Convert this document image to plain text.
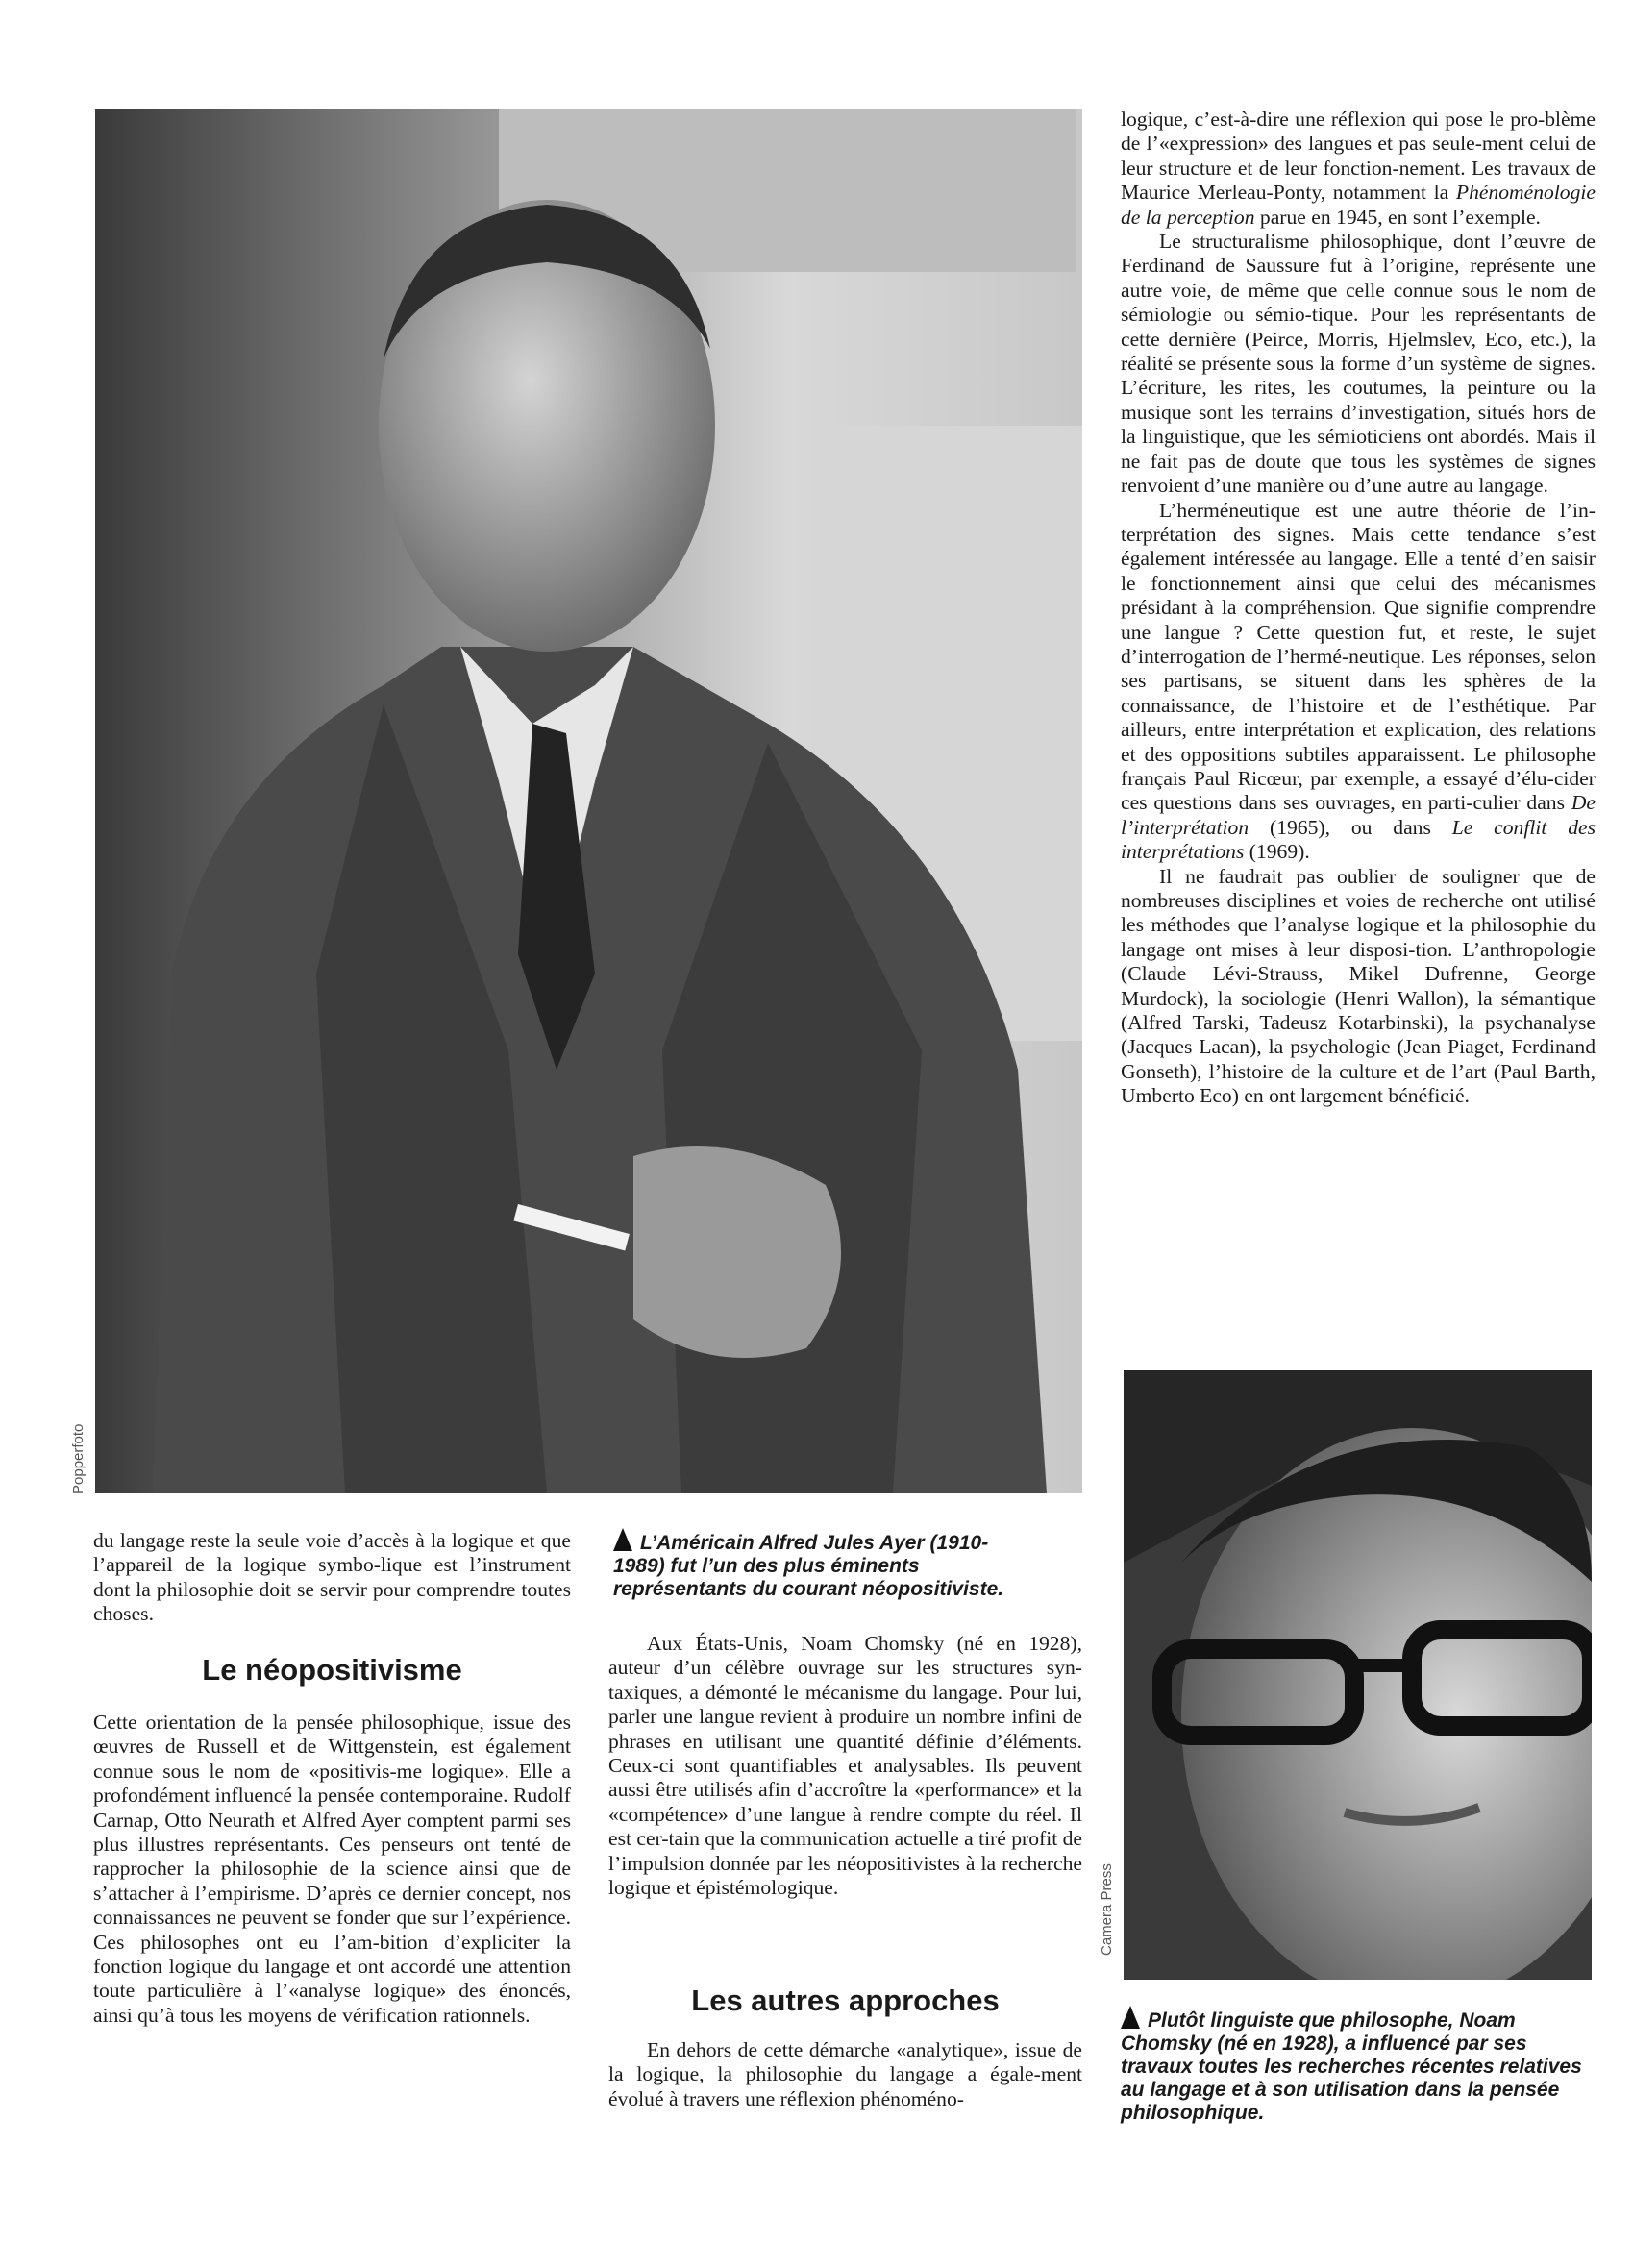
Popperfoto

logique, c’est-à-dire une réflexion qui pose le pro-blème de l’«expression» des langues et pas seule-ment celui de leur structure et de leur fonction-nement. Les travaux de Maurice Merleau-Ponty, notamment la Phénoménologie de la perception parue en 1945, en sont l’exemple.

Le structuralisme philosophique, dont l’œuvre de Ferdinand de Saussure fut à l’origine, représente une autre voie, de même que celle connue sous le nom de sémiologie ou sémio-tique. Pour les représentants de cette dernière (Peirce, Morris, Hjelmslev, Eco, etc.), la réalité se présente sous la forme d’un système de signes. L’écriture, les rites, les coutumes, la peinture ou la musique sont les terrains d’investigation, situés hors de la linguistique, que les sémioticiens ont abordés. Mais il ne fait pas de doute que tous les systèmes de signes renvoient d’une manière ou d’une autre au langage.

L’herméneutique est une autre théorie de l’in-terprétation des signes. Mais cette tendance s’est également intéressée au langage. Elle a tenté d’en saisir le fonctionnement ainsi que celui des mécanismes présidant à la compréhension. Que signifie comprendre une langue ? Cette question fut, et reste, le sujet d’interrogation de l’hermé-neutique. Les réponses, selon ses partisans, se situent dans les sphères de la connaissance, de l’histoire et de l’esthétique. Par ailleurs, entre interprétation et explication, des relations et des oppositions subtiles apparaissent. Le philosophe français Paul Ricœur, par exemple, a essayé d’élu-cider ces questions dans ses ouvrages, en parti-culier dans De l’interprétation (1965), ou dans Le conflit des interprétations (1969).

Il ne faudrait pas oublier de souligner que de nombreuses disciplines et voies de recherche ont utilisé les méthodes que l’analyse logique et la philosophie du langage ont mises à leur disposi-tion. L’anthropologie (Claude Lévi-Strauss, Mikel Dufrenne, George Murdock), la sociologie (Henri Wallon), la sémantique (Alfred Tarski, Tadeusz Kotarbinski), la psychanalyse (Jacques Lacan), la psychologie (Jean Piaget, Ferdinand Gonseth), l’histoire de la culture et de l’art (Paul Barth, Umberto Eco) en ont largement bénéficié.

Camera Press

du langage reste la seule voie d’accès à la logique et que l’appareil de la logique symbo-lique est l’instrument dont la philosophie doit se servir pour comprendre toutes choses.

Le néopositivisme

Cette orientation de la pensée philosophique, issue des œuvres de Russell et de Wittgenstein, est également connue sous le nom de «positivis-me logique». Elle a profondément influencé la pensée contemporaine. Rudolf Carnap, Otto Neurath et Alfred Ayer comptent parmi ses plus illustres représentants. Ces penseurs ont tenté de rapprocher la philosophie de la science ainsi que de s’attacher à l’empirisme. D’après ce dernier concept, nos connaissances ne peuvent se fonder que sur l’expérience. Ces philosophes ont eu l’am-bition d’expliciter la fonction logique du langage et ont accordé une attention toute particulière à l’«analyse logique» des énoncés, ainsi qu’à tous les moyens de vérification rationnels.

L’Américain Alfred Jules Ayer (1910-1989) fut l’un des plus éminents représentants du courant néopositiviste.

Aux États-Unis, Noam Chomsky (né en 1928), auteur d’un célèbre ouvrage sur les structures syn-taxiques, a démonté le mécanisme du langage. Pour lui, parler une langue revient à produire un nombre infini de phrases en utilisant une quantité définie d’éléments. Ceux-ci sont quantifiables et analysables. Ils peuvent aussi être utilisés afin d’accroître la «performance» et la «compétence» d’une langue à rendre compte du réel. Il est cer-tain que la communication actuelle a tiré profit de l’impulsion donnée par les néopositivistes à la recherche logique et épistémologique.

Les autres approches

En dehors de cette démarche «analytique», issue de la logique, la philosophie du langage a égale-ment évolué à travers une réflexion phénoméno-

Plutôt linguiste que philosophe, Noam Chomsky (né en 1928), a influencé par ses travaux toutes les recherches récentes relatives au langage et à son utilisation dans la pensée philosophique.
